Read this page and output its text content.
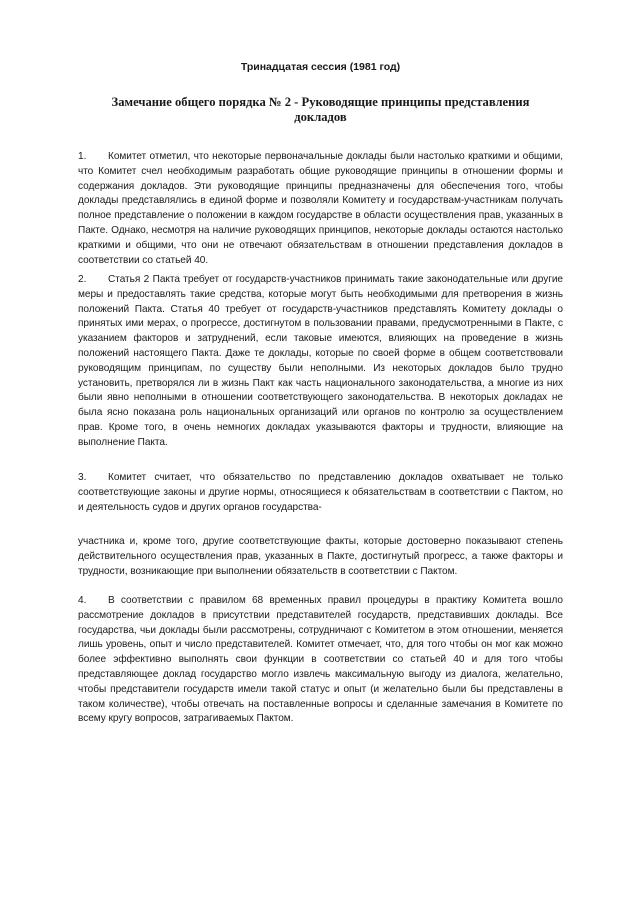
Тринадцатая сессия (1981 год)
Замечание общего порядка № 2 - Руководящие принципы представления докладов
1. Комитет отметил, что некоторые первоначальные доклады были настолько краткими и общими, что Комитет счел необходимым разработать общие руководящие принципы в отношении формы и содержания докладов. Эти руководящие принципы предназначены для обеспечения того, чтобы доклады представлялись в единой форме и позволяли Комитету и государствам-участникам получать полное представление о положении в каждом государстве в области осуществления прав, указанных в Пакте. Однако, несмотря на наличие руководящих принципов, некоторые доклады остаются настолько краткими и общими, что они не отвечают обязательствам в отношении представления докладов в соответствии со статьей 40.
2. Статья 2 Пакта требует от государств-участников принимать такие законодательные или другие меры и предоставлять такие средства, которые могут быть необходимыми для претворения в жизнь положений Пакта. Статья 40 требует от государств-участников представлять Комитету доклады о принятых ими мерах, о прогрессе, достигнутом в пользовании правами, предусмотренными в Пакте, с указанием факторов и затруднений, если таковые имеются, влияющих на проведение в жизнь положений настоящего Пакта. Даже те доклады, которые по своей форме в общем соответствовали руководящим принципам, по существу были неполными. Из некоторых докладов было трудно установить, претворялся ли в жизнь Пакт как часть национального законодательства, а многие из них были явно неполными в отношении соответствующего законодательства. В некоторых докладах не была ясно показана роль национальных организаций или органов по контролю за осуществлением прав. Кроме того, в очень немногих докладах указываются факторы и трудности, влияющие на выполнение Пакта.
3. Комитет считает, что обязательство по представлению докладов охватывает не только соответствующие законы и другие нормы, относящиеся к обязательствам в соответствии с Пактом, но и деятельность судов и других органов государства-
участника и, кроме того, другие соответствующие факты, которые достоверно показывают степень действительного осуществления прав, указанных в Пакте, достигнутый прогресс, а также факторы и трудности, возникающие при выполнении обязательств в соответствии с Пактом.
4. В соответствии с правилом 68 временных правил процедуры в практику Комитета вошло рассмотрение докладов в присутствии представителей государств, представивших доклады. Все государства, чьи доклады были рассмотрены, сотрудничают с Комитетом в этом отношении, меняется лишь уровень, опыт и число представителей. Комитет отмечает, что, для того чтобы он мог как можно более эффективно выполнять свои функции в соответствии со статьей 40 и для того чтобы представляющее доклад государство могло извлечь максимальную выгоду из диалога, желательно, чтобы представители государств имели такой статус и опыт (и желательно были бы представлены в таком количестве), чтобы отвечать на поставленные вопросы и сделанные замечания в Комитете по всему кругу вопросов, затрагиваемых Пактом.
